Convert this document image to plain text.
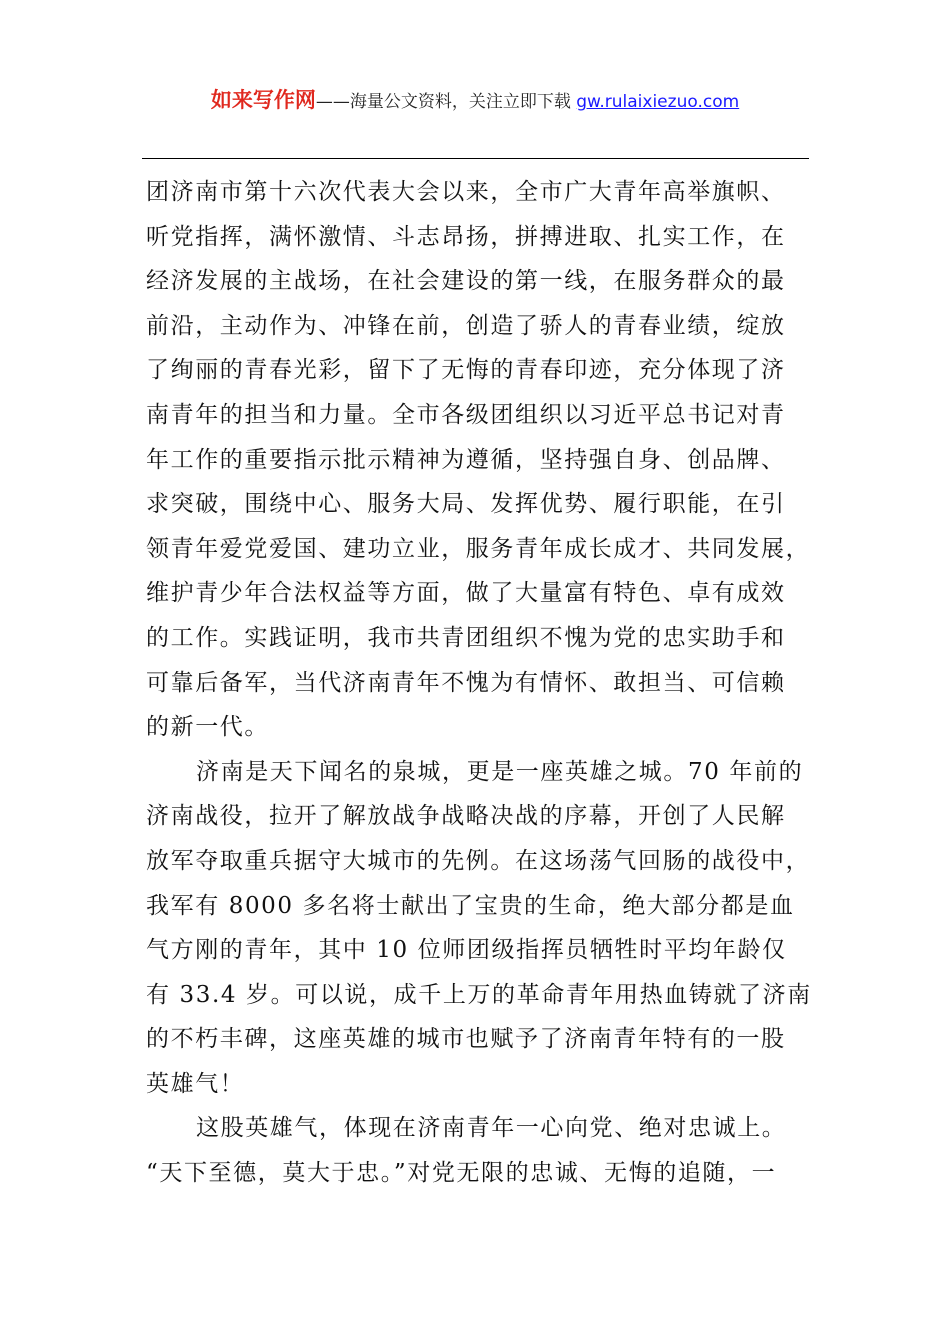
如来写作网——海量公文资料，关注立即下载 gw.rulaixiezuo.com
团济南市第十六次代表大会以来，全市广大青年高举旗帜、
听党指挥，满怀激情、斗志昂扬，拼搏进取、扎实工作，在
经济发展的主战场，在社会建设的第一线，在服务群众的最
前沿，主动作为、冲锋在前，创造了骄人的青春业绩，绽放
了绚丽的青春光彩，留下了无悔的青春印迹，充分体现了济
南青年的担当和力量。全市各级团组织以习近平总书记对青
年工作的重要指示批示精神为遵循，坚持强自身、创品牌、
求突破，围绕中心、服务大局、发挥优势、履行职能，在引
领青年爱党爱国、建功立业，服务青年成长成才、共同发展，
维护青少年合法权益等方面，做了大量富有特色、卓有成效
的工作。实践证明，我市共青团组织不愧为党的忠实助手和
可靠后备军，当代济南青年不愧为有情怀、敢担当、可信赖
的新一代。
济南是天下闻名的泉城，更是一座英雄之城。70 年前的
济南战役，拉开了解放战争战略决战的序幕，开创了人民解
放军夺取重兵据守大城市的先例。在这场荡气回肠的战役中，
我军有 8000 多名将士献出了宝贵的生命，绝大部分都是血
气方刚的青年，其中 10 位师团级指挥员牺牲时平均年龄仅
有 33.4 岁。可以说，成千上万的革命青年用热血铸就了济南
的不朽丰碑，这座英雄的城市也赋予了济南青年特有的一股
英雄气！
这股英雄气，体现在济南青年一心向党、绝对忠诚上。
“天下至德，莫大于忠。”对党无限的忠诚、无悔的追随，一
